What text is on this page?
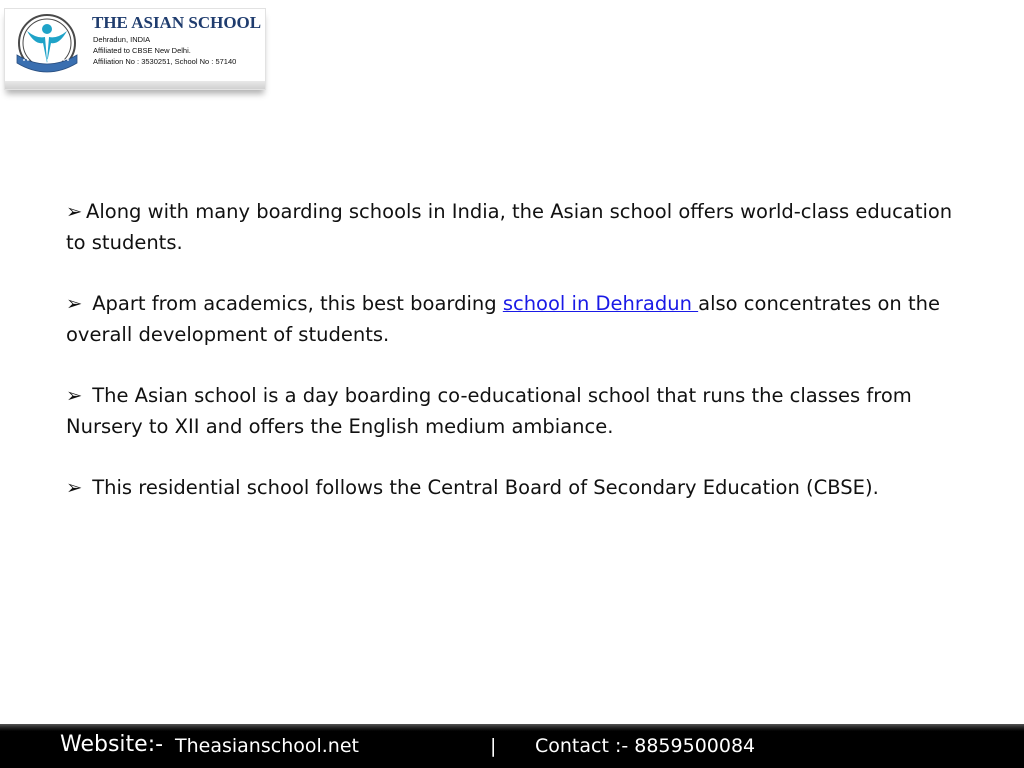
THE ASIAN SCHOOL
Dehradun, INDIA
Affiliated to CBSE New Delhi.
Affiliation No : 3530251, School No : 57140

➢ Along with many boarding schools in India, the Asian school offers world-class education to students.

➢ Apart from academics, this best boarding school in Dehradun also concentrates on the overall development of students.

➢ The Asian school is a day boarding co-educational school that runs the classes from Nursery to XII and offers the English medium ambiance.

➢ This residential school follows the Central Board of Secondary Education (CBSE).

Website:- Theasianschool.net	| Contact :- 8859500084
